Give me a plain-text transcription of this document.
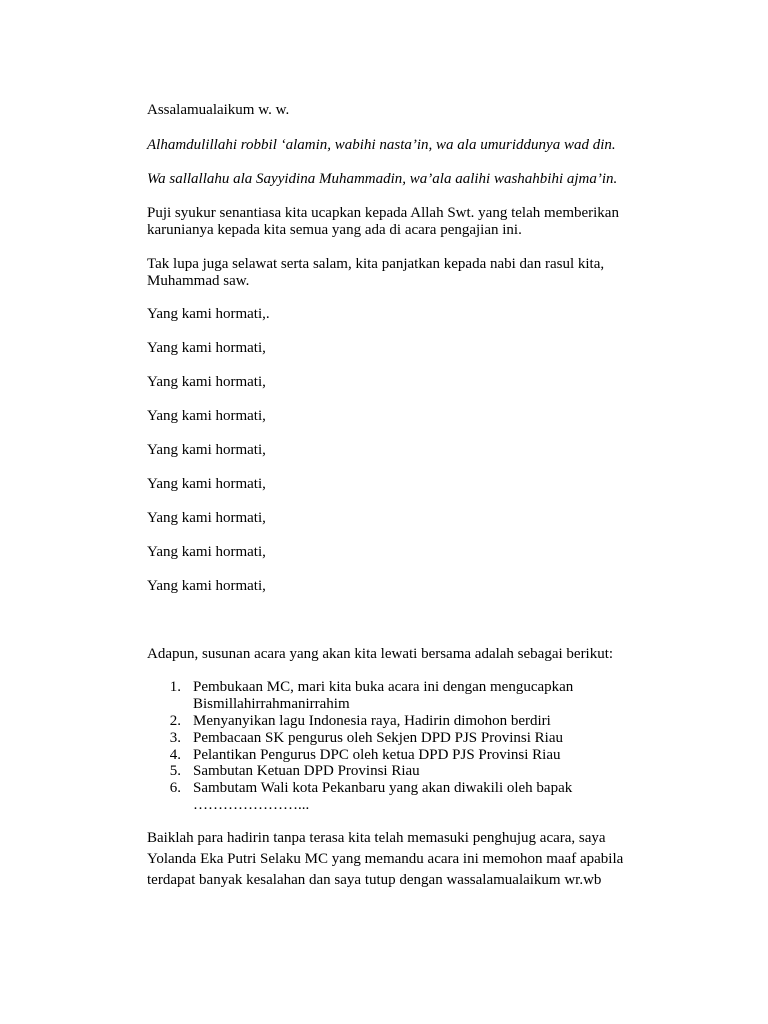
Assalamualaikum w. w.

Alhamdulillahi robbil ‘alamin, wabihi nasta’in, wa ala umuriddunya wad din.

Wa sallallahu ala Sayyidina Muhammadin, wa’ala aalihi washahbihi ajma’in.

Puji syukur senantiasa kita ucapkan kepada Allah Swt. yang telah memberikan

karunianya kepada kita semua yang ada di acara pengajian ini.

Tak lupa juga selawat serta salam, kita panjatkan kepada nabi dan rasul kita,

Muhammad saw.

Yang kami hormati,.

Yang kami hormati,

Yang kami hormati,

Yang kami hormati,

Yang kami hormati,

Yang kami hormati,

Yang kami hormati,

Yang kami hormati,

Yang kami hormati,

Adapun, susunan acara yang akan kita lewati bersama adalah sebagai berikut:

1. Pembukaan MC, mari kita buka acara ini dengan mengucapkan
Bismillahirrahmanirrahim
2. Menyanyikan lagu Indonesia raya, Hadirin dimohon berdiri
3. Pembacaan SK pengurus oleh Sekjen DPD PJS Provinsi Riau
4. Pelantikan Pengurus DPC oleh ketua DPD PJS Provinsi Riau
5. Sambutan Ketuan DPD Provinsi Riau
6. Sambutam Wali kota Pekanbaru yang akan diwakili oleh bapak
…………………...

Baiklah para hadirin tanpa terasa kita telah memasuki penghujug acara, saya

Yolanda Eka Putri Selaku MC yang memandu acara ini memohon maaf apabila

terdapat banyak kesalahan dan saya tutup dengan wassalamualaikum wr.wb
